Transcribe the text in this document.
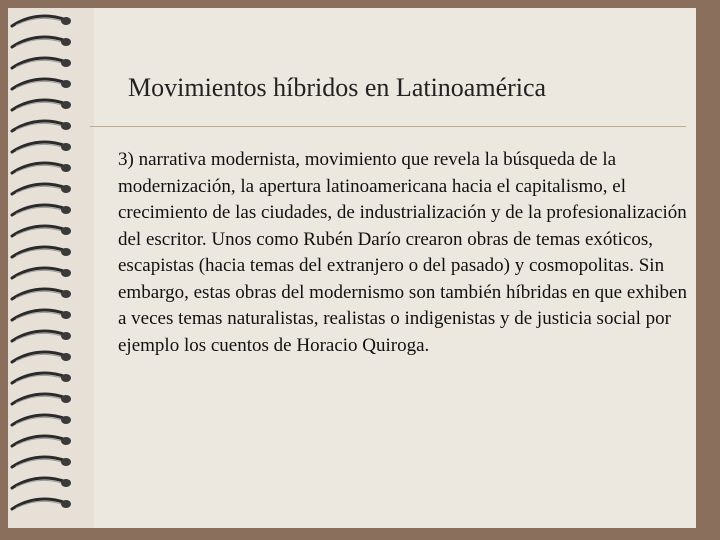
Movimientos híbridos en Latinoamérica
3) narrativa modernista, movimiento que revela la búsqueda de la modernización, la apertura latinoamericana hacia el capitalismo, el crecimiento de las ciudades, de industrialización y de la profesionalización del escritor. Unos como Rubén Darío crearon obras de temas exóticos, escapistas (hacia temas del extranjero o del pasado) y cosmopolitas. Sin embargo, estas obras del modernismo son también híbridas en que exhiben a veces temas naturalistas, realistas o indigenistas y de justicia social por ejemplo los cuentos de Horacio Quiroga.
